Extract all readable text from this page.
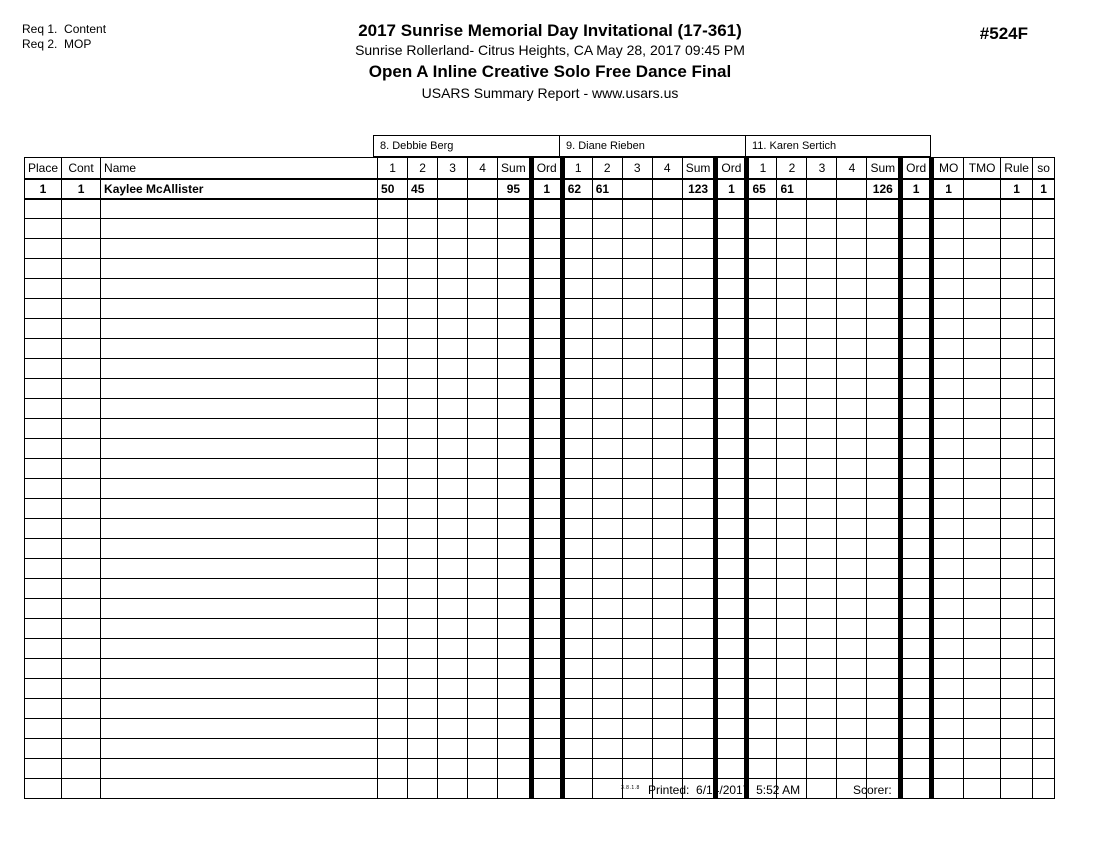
Req 1.  Content
Req 2.  MOP
2017 Sunrise Memorial Day Invitational (17-361)
Sunrise Rollerland- Citrus Heights, CA May 28, 2017 09:45 PM
Open A Inline Creative Solo Free Dance Final
USARS Summary Report - www.usars.us
#524F
8. Debbie Berg	9. Diane Rieben	11. Karen Sertich
Place	Cont	Name	1	2	3	4	Sum	Ord	1	2	3	4	Sum	Ord	1	2	3	4	Sum	Ord	MO	TMO	Rule	so
1	1	Kaylee McAllister	50	45			95	1	62	61			123	1	65	61			126	1	1		1	1

3.8.1.8 Printed:  6/14/2017  5:52 AM	Scorer:
